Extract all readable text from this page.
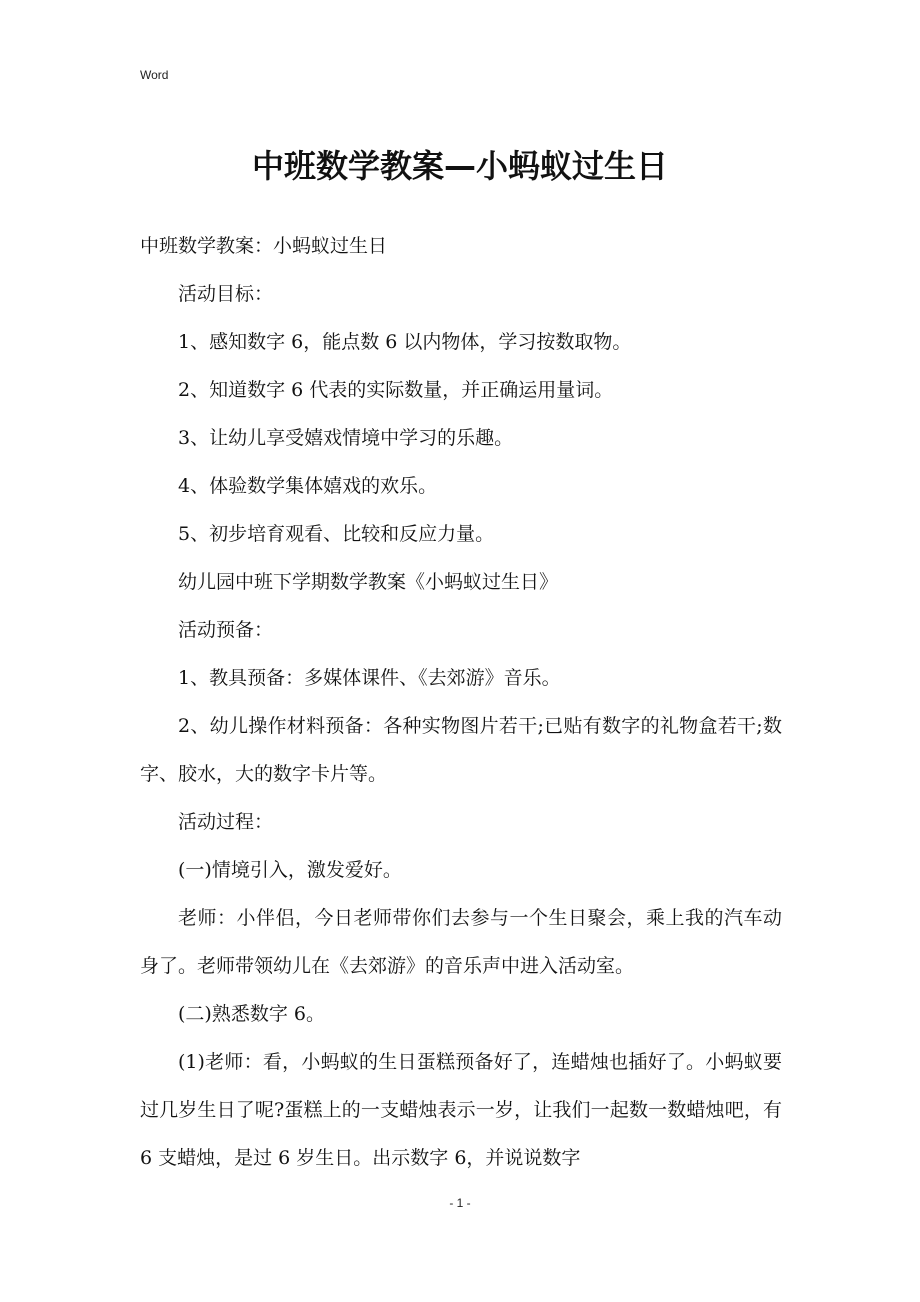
Word
中班数学教案—小蚂蚁过生日

中班数学教案：小蚂蚁过生日

活动目标：

1、感知数字 6，能点数 6 以内物体，学习按数取物。

2、知道数字 6 代表的实际数量，并正确运用量词。

3、让幼儿享受嬉戏情境中学习的乐趣。

4、体验数学集体嬉戏的欢乐。

5、初步培育观看、比较和反应力量。

幼儿园中班下学期数学教案《小蚂蚁过生日》

活动预备：

1、教具预备：多媒体课件、《去郊游》音乐。

2、幼儿操作材料预备：各种实物图片若干;已贴有数字的礼物盒若干;数字、胶水，大的数字卡片等。

活动过程：

(一)情境引入，激发爱好。

老师：小伴侣，今日老师带你们去参与一个生日聚会，乘上我的汽车动身了。老师带领幼儿在《去郊游》的音乐声中进入活动室。

(二)熟悉数字 6。

(1)老师：看，小蚂蚁的生日蛋糕预备好了，连蜡烛也插好了。小蚂蚁要过几岁生日了呢?蛋糕上的一支蜡烛表示一岁，让我们一起数一数蜡烛吧，有 6 支蜡烛，是过 6 岁生日。出示数字 6，并说说数字

- 1 -
